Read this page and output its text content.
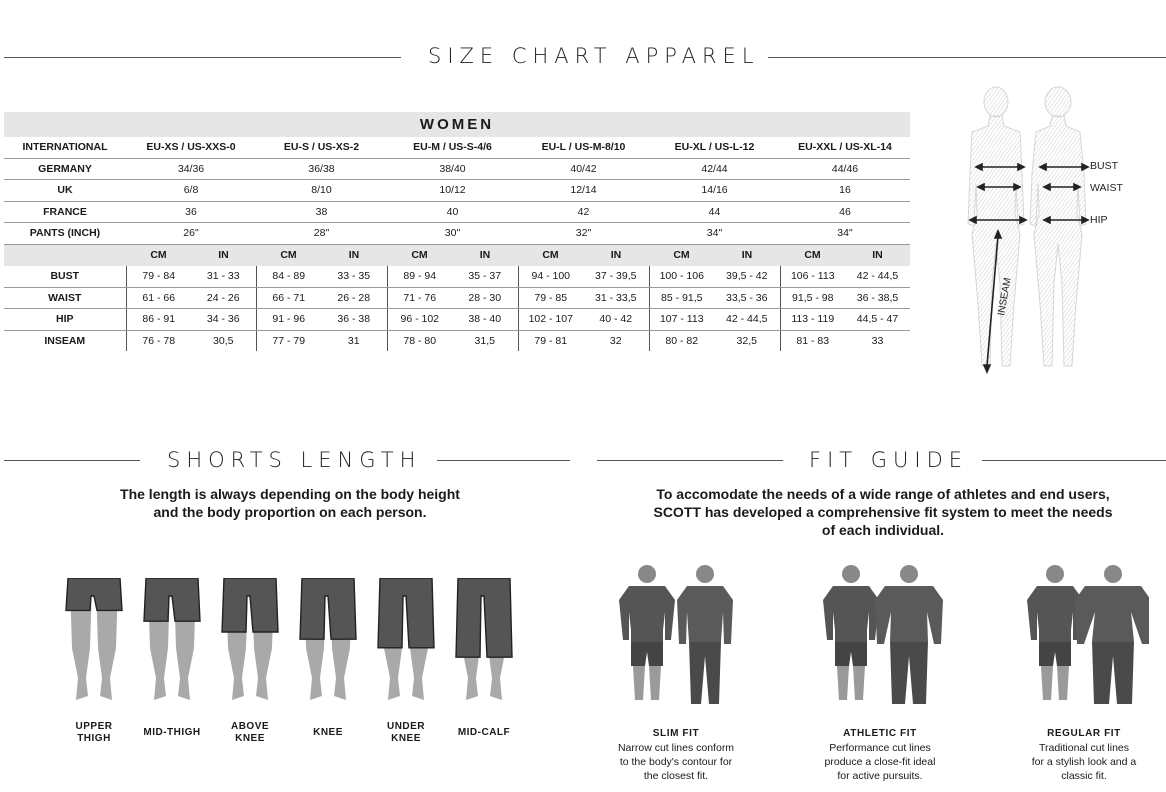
SIZE CHART APPAREL
WOMEN												
INTERNATIONAL	EU-XS / US-XXS-0		EU-S / US-XS-2		EU-M / US-S-4/6		EU-L / US-M-8/10		EU-XL / US-L-12		EU-XXL / US-XL-14	
GERMANY	34/36		36/38		38/40		40/42		42/44		44/46	
UK	6/8		8/10		10/12		12/14		14/16		16	
FRANCE	36		38		40		42		44		46	
PANTS (INCH)	26"		28"		30"		32"		34"		34"	
	CM	IN	CM	IN	CM	IN	CM	IN	CM	IN	CM	IN
BUST	79 - 84	31 - 33	84 - 89	33 - 35	89 - 94	35 - 37	94 - 100	37 - 39,5	100 - 106	39,5 - 42	106 - 113	42 - 44,5
WAIST	61 - 66	24 - 26	66 - 71	26 - 28	71 - 76	28 - 30	79 - 85	31 - 33,5	85 - 91,5	33,5 - 36	91,5 - 98	36 - 38,5
HIP	86 - 91	34 - 36	91 - 96	36 - 38	96 - 102	38 - 40	102 - 107	40 - 42	107 - 113	42 - 44,5	113 - 119	44,5 - 47
INSEAM	76 - 78	30,5	77 - 79	31	78 - 80	31,5	79 - 81	32	80 - 82	32,5	81 - 83	33
BUST
WAIST
HIP
INSEAM
SHORTS LENGTH
The length is always depending on the body height
and the body proportion on each person.
UPPER
THIGH
MID-THIGH
ABOVE
KNEE
KNEE
UNDER
KNEE
MID-CALF
FIT GUIDE
To accomodate the needs of a wide range of athletes and end users,
SCOTT has developed a comprehensive fit system to meet the needs
of each individual.
SLIM FIT
Narrow cut lines conform
to the body's contour for
the closest fit.
ATHLETIC FIT
Performance cut lines
produce a close-fit ideal
for active pursuits.
REGULAR FIT
Traditional cut lines
for a stylish look and a
classic fit.
